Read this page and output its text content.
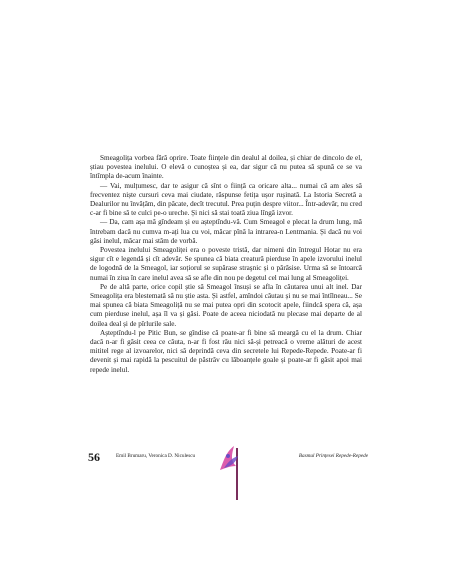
Smeagolița vorbea fără oprire. Toate ființele din dealul al doilea, și chiar de dincolo de el, știau povestea inelului. O elevă o cunoștea și ea, dar sigur că nu putea să spună ce se va întîmpla de-acum înainte.

— Vai, mulțumesc, dar te asigur că sînt o ființă ca oricare alta... numai că am ales să frecventez niște cursuri ceva mai ciudate, răspunse fetița ușor rușinată. La Istoria Secretă a Dealurilor nu învățăm, din păcate, decît trecutul. Prea puțin despre viitor... Într-adevăr, nu cred c-ar fi bine să te culci pe-o ureche. Și nici să stai toată ziua lîngă izvor.

— Da, cam așa mă gîndeam și eu așteptîndu-vă. Cum Smeagol e plecat la drum lung, mă întrebam dacă nu cumva m-ați lua cu voi, măcar pînă la intrarea-n Lentmania. Și dacă nu voi găsi inelul, măcar mai stăm de vorbă.

Povestea inelului Smeagoliței era o poveste tristă, dar nimeni din întregul Hotar nu era sigur cît e legendă și cît adevăr. Se spunea că biata creatură pierduse în apele izvorului inelul de logodnă de la Smeagol, iar soțiorul se supărase straşnic și o părăsise. Urma să se întoarcă numai în ziua în care inelul avea să se afle din nou pe degetul cel mai lung al Smeagoliței.

Pe de altă parte, orice copil știe să Smeagol însuși se afla în căutarea unui alt inel. Dar Smeagolița era blestemată să nu știe asta. Și astfel, amîndoi căutau și nu se mai întîlneau... Se mai spunea că biata Smeagoliță nu se mai putea opri din scotocit apele, fiindcă spera că, așa cum pierduse inelul, așa îl va și găsi. Poate de aceea niciodată nu plecase mai departe de al doilea deal și de pîrlurile sale.

Așteptîndu-l pe Pitic Bun, se gîndise că poate-ar fi bine să meargă cu el la drum. Chiar dacă n-ar fi găsit ceea ce căuta, n-ar fi fost rău nici să-și petreacă o vreme alături de acest mititel rege al izvoarelor, nici să deprindă ceva din secretele lui Repede-Repede. Poate-ar fi devenit și mai rapidă la pescuitul de păstrăv cu lăboanțele goale și poate-ar fi găsit apoi mai repede inelul.

56	Emil Brumaru, Veronica D. Niculescu	Basmul Prințesei Repede-Repede
